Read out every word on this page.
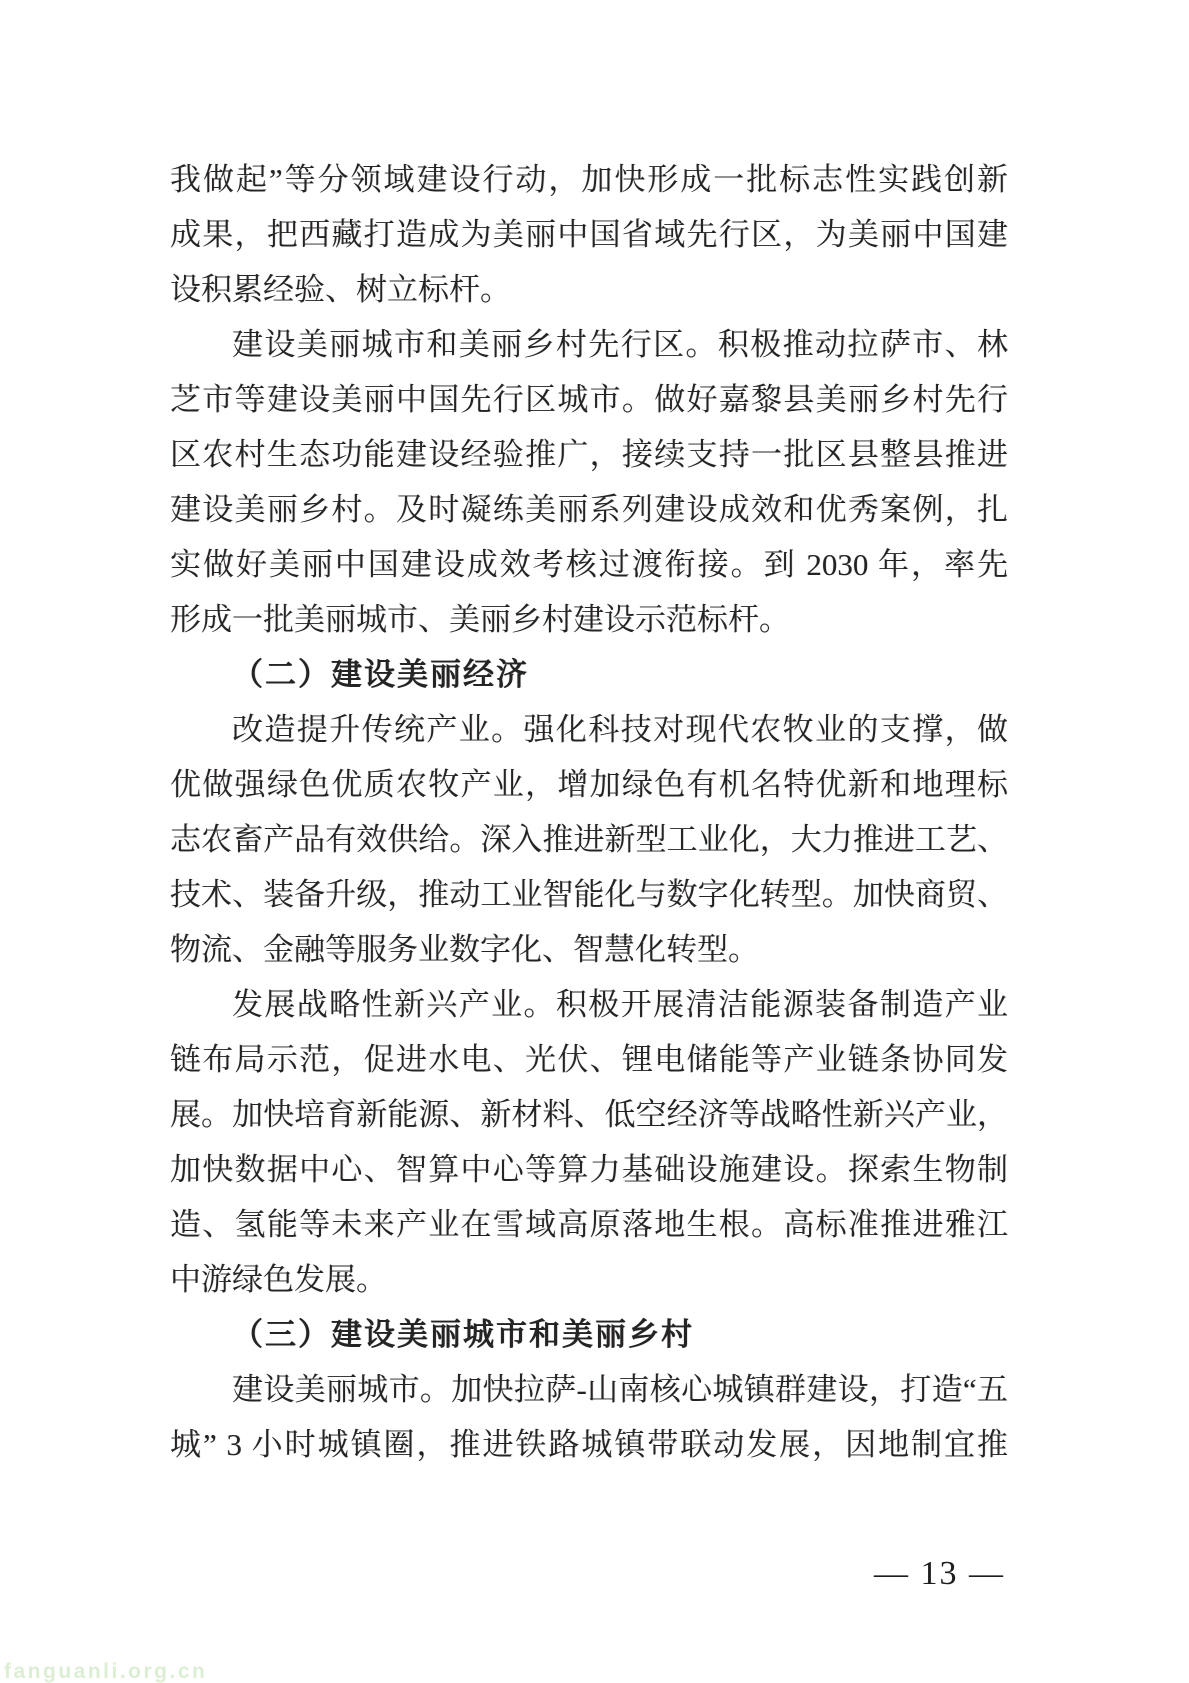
我做起”等分领域建设行动，加快形成一批标志性实践创新
成果，把西藏打造成为美丽中国省域先行区，为美丽中国建
设积累经验、树立标杆。
建设美丽城市和美丽乡村先行区。积极推动拉萨市、林
芝市等建设美丽中国先行区城市。做好嘉黎县美丽乡村先行
区农村生态功能建设经验推广，接续支持一批区县整县推进
建设美丽乡村。及时凝练美丽系列建设成效和优秀案例，扎
实做好美丽中国建设成效考核过渡衔接。到 2030 年，率先
形成一批美丽城市、美丽乡村建设示范标杆。
（二）建设美丽经济
改造提升传统产业。强化科技对现代农牧业的支撑，做
优做强绿色优质农牧产业，增加绿色有机名特优新和地理标
志农畜产品有效供给。深入推进新型工业化，大力推进工艺、
技术、装备升级，推动工业智能化与数字化转型。加快商贸、
物流、金融等服务业数字化、智慧化转型。
发展战略性新兴产业。积极开展清洁能源装备制造产业
链布局示范，促进水电、光伏、锂电储能等产业链条协同发
展。加快培育新能源、新材料、低空经济等战略性新兴产业，
加快数据中心、智算中心等算力基础设施建设。探索生物制
造、氢能等未来产业在雪域高原落地生根。高标准推进雅江
中游绿色发展。
（三）建设美丽城市和美丽乡村
建设美丽城市。加快拉萨-山南核心城镇群建设，打造“五
城” 3 小时城镇圈，推进铁路城镇带联动发展，因地制宜推
— 13 —
fanguanli.org.cn
